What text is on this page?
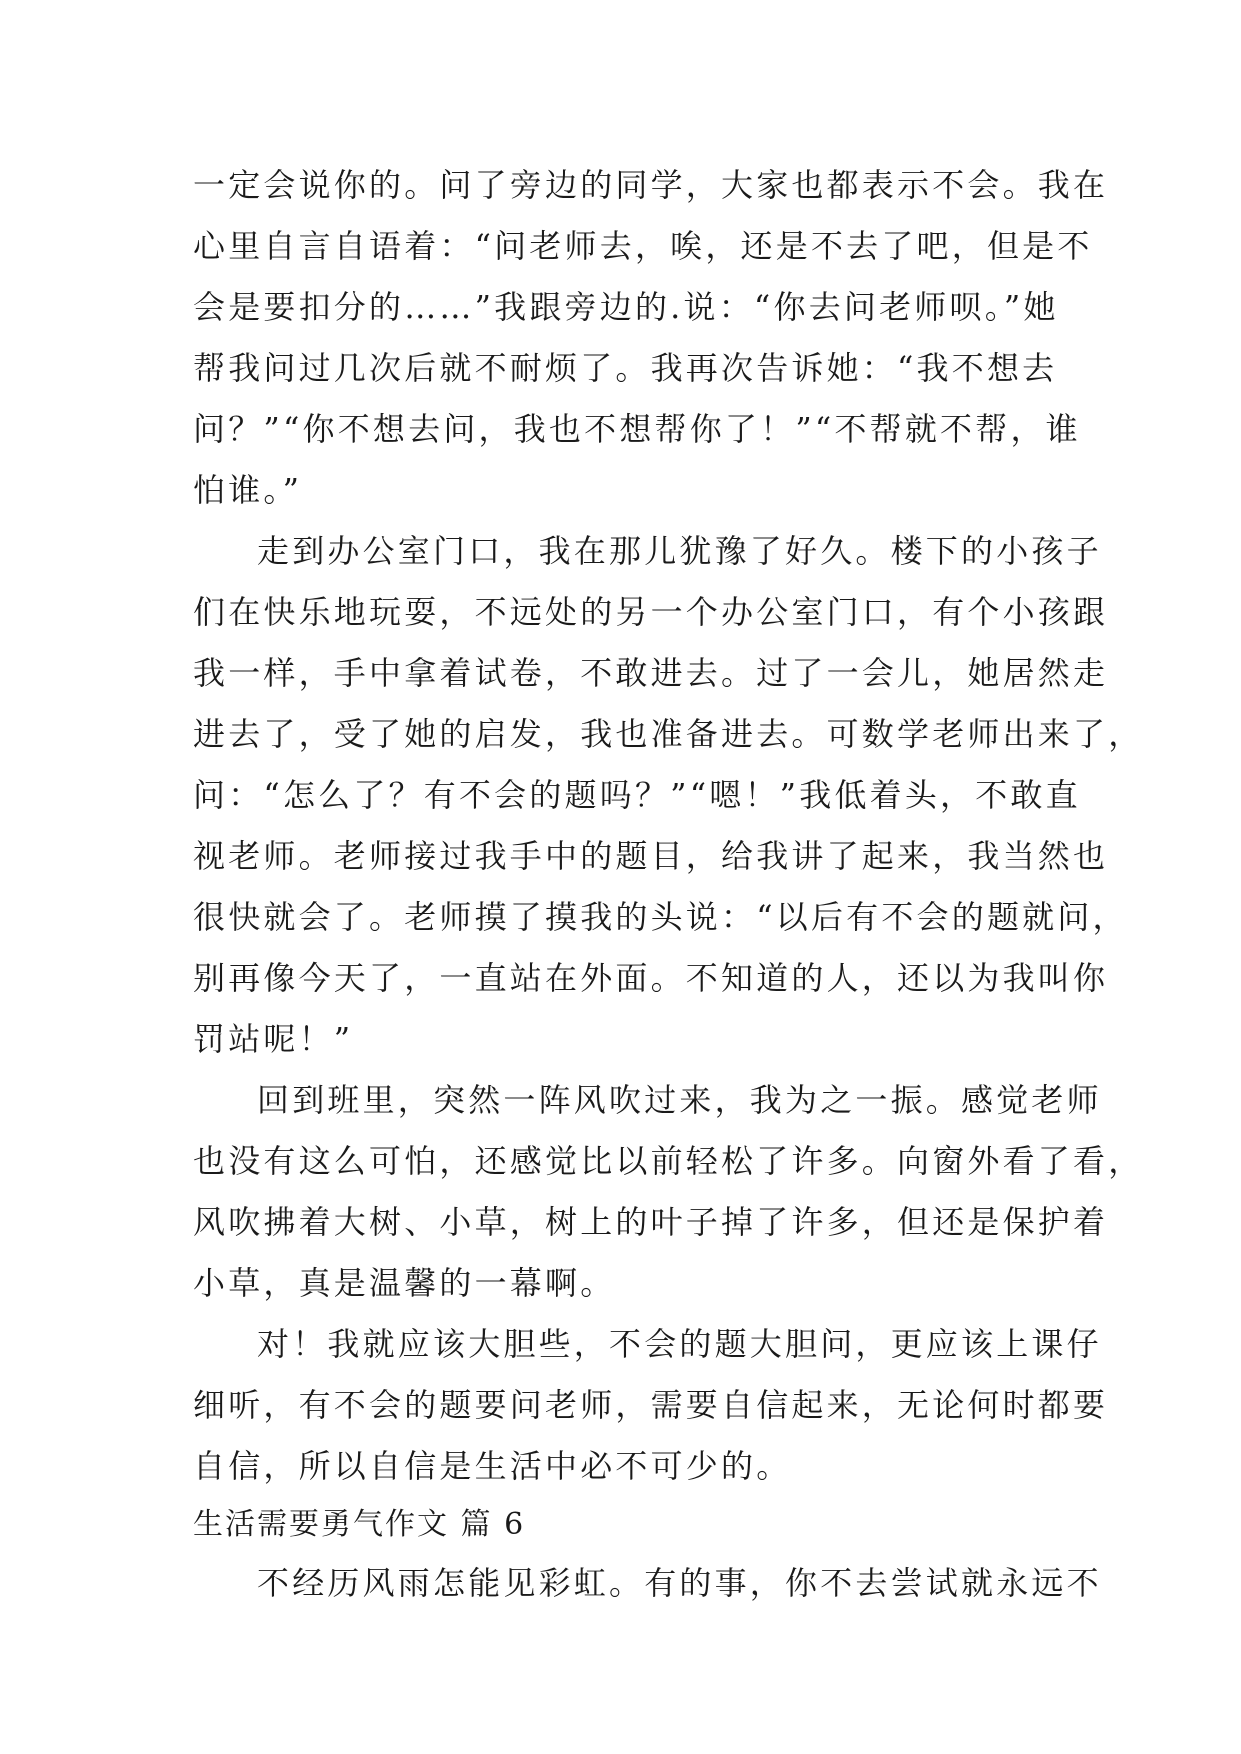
一定会说你的。问了旁边的同学，大家也都表示不会。我在
心里自言自语着：“问老师去，唉，还是不去了吧，但是不
会是要扣分的……”我跟旁边的.说：“你去问老师呗。”她
帮我问过几次后就不耐烦了。我再次告诉她：“我不想去
问？”“你不想去问，我也不想帮你了！”“不帮就不帮，谁
怕谁。”
走到办公室门口，我在那儿犹豫了好久。楼下的小孩子
们在快乐地玩耍，不远处的另一个办公室门口，有个小孩跟
我一样，手中拿着试卷，不敢进去。过了一会儿，她居然走
进去了，受了她的启发，我也准备进去。可数学老师出来了，
问：“怎么了？有不会的题吗？”“嗯！”我低着头，不敢直
视老师。老师接过我手中的题目，给我讲了起来，我当然也
很快就会了。老师摸了摸我的头说：“以后有不会的题就问，
别再像今天了，一直站在外面。不知道的人，还以为我叫你
罚站呢！”
回到班里，突然一阵风吹过来，我为之一振。感觉老师
也没有这么可怕，还感觉比以前轻松了许多。向窗外看了看，
风吹拂着大树、小草，树上的叶子掉了许多，但还是保护着
小草，真是温馨的一幕啊。
对！我就应该大胆些，不会的题大胆问，更应该上课仔
细听，有不会的题要问老师，需要自信起来，无论何时都要
自信，所以自信是生活中必不可少的。
生活需要勇气作文 篇 6
不经历风雨怎能见彩虹。有的事，你不去尝试就永远不
